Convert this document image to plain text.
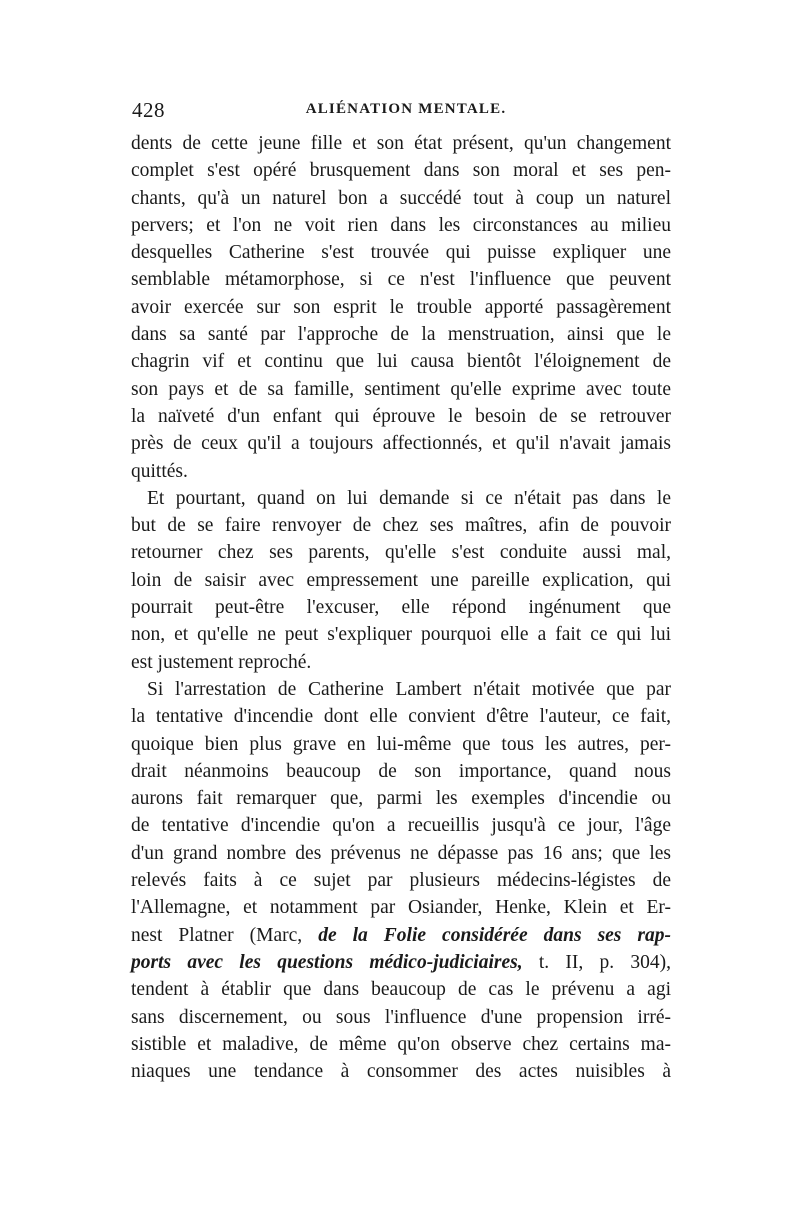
428	ALIÉNATION MENTALE.
dents de cette jeune fille et son état présent, qu'un changement
complet s'est opéré brusquement dans son moral et ses pen-
chants, qu'à un naturel bon a succédé tout à coup un naturel
pervers; et l'on ne voit rien dans les circonstances au milieu
desquelles Catherine s'est trouvée qui puisse expliquer une
semblable métamorphose, si ce n'est l'influence que peuvent
avoir exercée sur son esprit le trouble apporté passagèrement
dans sa santé par l'approche de la menstruation, ainsi que le
chagrin vif et continu que lui causa bientôt l'éloignement de
son pays et de sa famille, sentiment qu'elle exprime avec toute
la naïveté d'un enfant qui éprouve le besoin de se retrouver
près de ceux qu'il a toujours affectionnés, et qu'il n'avait jamais
quittés.
Et pourtant, quand on lui demande si ce n'était pas dans le
but de se faire renvoyer de chez ses maîtres, afin de pouvoir
retourner chez ses parents, qu'elle s'est conduite aussi mal,
loin de saisir avec empressement une pareille explication, qui
pourrait peut-être l'excuser, elle répond ingénument que
non, et qu'elle ne peut s'expliquer pourquoi elle a fait ce qui lui
est justement reproché.
Si l'arrestation de Catherine Lambert n'était motivée que par
la tentative d'incendie dont elle convient d'être l'auteur, ce fait,
quoique bien plus grave en lui-même que tous les autres, per-
drait néanmoins beaucoup de son importance, quand nous
aurons fait remarquer que, parmi les exemples d'incendie ou
de tentative d'incendie qu'on a recueillis jusqu'à ce jour, l'âge
d'un grand nombre des prévenus ne dépasse pas 16 ans; que les
relevés faits à ce sujet par plusieurs médecins-légistes de
l'Allemagne, et notamment par Osiander, Henke, Klein et Er-
nest Platner (Marc, de la Folie considérée dans ses rap-
ports avec les questions médico-judiciaires, t. II, p. 304),
tendent à établir que dans beaucoup de cas le prévenu a agi
sans discernement, ou sous l'influence d'une propension irré-
sistible et maladive, de même qu'on observe chez certains ma-
niaques une tendance à consommer des actes nuisibles à
